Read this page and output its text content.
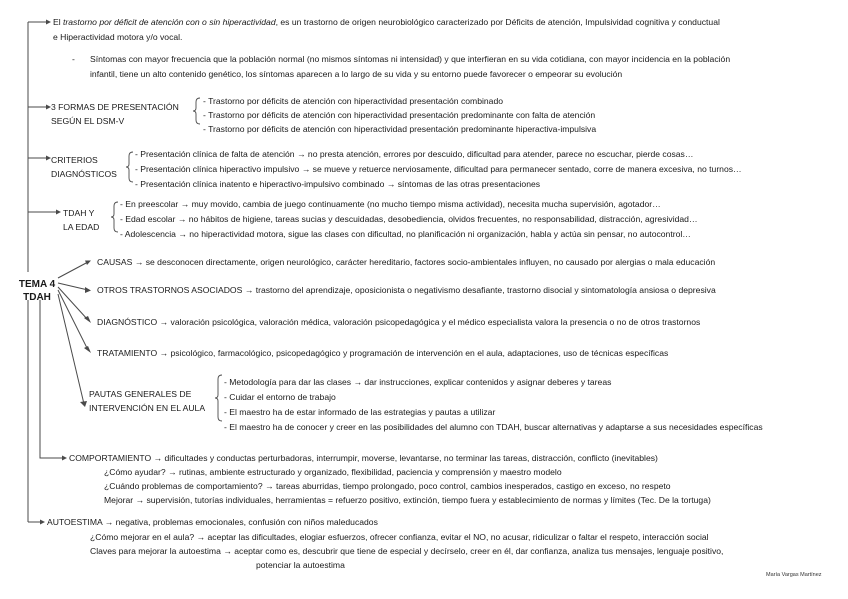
El trastorno por déficit de atención con o sin hiperactividad, es un trastorno de origen neurobiológico caracterizado por Déficits de atención, Impulsividad cognitiva y conductual
e Hiperactividad motora y/o vocal.
- Síntomas con mayor frecuencia que la población normal (no mismos síntomas ni intensidad) y que interfieran en su vida cotidiana, con mayor incidencia en la población
infantil, tiene un alto contenido genético, los síntomas aparecen a lo largo de su vida y su entorno puede favorecer o empeorar su evolución
3 FORMAS DE PRESENTACIÓN
SEGÚN EL DSM-V
- Trastorno por déficits de atención con hiperactividad presentación combinado
- Trastorno por déficits de atención con hiperactividad presentación predominante con falta de atención
- Trastorno por déficits de atención con hiperactividad presentación predominante hiperactiva-impulsiva
CRITERIOS
DIAGNÓSTICOS
- Presentación clínica de falta de atención → no presta atención, errores por descuido, dificultad para atender, parece no escuchar, pierde cosas…
- Presentación clínica hiperactivo impulsivo → se mueve y retuerce nerviosamente, dificultad para permanecer sentado, corre de manera excesiva, no turnos…
- Presentación clínica inatento e hiperactivo-impulsivo combinado → síntomas de las otras presentaciones
TDAH Y
LA EDAD
- En preescolar → muy movido, cambia de juego continuamente (no mucho tiempo misma actividad), necesita mucha supervisión, agotador…
- Edad escolar → no hábitos de higiene, tareas sucias y descuidadas, desobediencia, olvidos frecuentes, no responsabilidad, distracción, agresividad…
- Adolescencia → no hiperactividad motora, sigue las clases con dificultad, no planificación ni organización, habla y actúa sin pensar, no autocontrol…
TEMA 4
TDAH
CAUSAS → se desconocen directamente, origen neurológico, carácter hereditario, factores socio-ambientales influyen, no causado por alergias o mala educación
OTROS TRASTORNOS ASOCIADOS → trastorno del aprendizaje, oposicionista o negativismo desafiante, trastorno disocial y sintomatología ansiosa o depresiva
DIAGNÓSTICO → valoración psicológica, valoración médica, valoración psicopedagógica y el médico especialista valora la presencia o no de otros trastornos
TRATAMIENTO → psicológico, farmacológico, psicopedagógico y programación de intervención en el aula, adaptaciones, uso de técnicas específicas
PAUTAS GENERALES DE
INTERVENCIÓN EN EL AULA
- Metodología para dar las clases → dar instrucciones, explicar contenidos y asignar deberes y tareas
- Cuidar el entorno de trabajo
- El maestro ha de estar informado de las estrategias y pautas a utilizar
- El maestro ha de conocer y creer en las posibilidades del alumno con TDAH, buscar alternativas y adaptarse a sus necesidades específicas
COMPORTAMIENTO → dificultades y conductas perturbadoras, interrumpir, moverse, levantarse, no terminar las tareas, distracción, conflicto (inevitables)
¿Cómo ayudar? → rutinas, ambiente estructurado y organizado, flexibilidad, paciencia y comprensión y maestro modelo
¿Cuándo problemas de comportamiento? → tareas aburridas, tiempo prolongado, poco control, cambios inesperados, castigo en exceso, no respeto
Mejorar → supervisión, tutorías individuales, herramientas = refuerzo positivo, extinción, tiempo fuera y establecimiento de normas y límites (Tec. De la tortuga)
AUTOESTIMA → negativa, problemas emocionales, confusión con niños maleducados
¿Cómo mejorar en el aula? → aceptar las dificultades, elogiar esfuerzos, ofrecer confianza, evitar el NO, no acusar, ridiculizar o faltar el respeto, interacción social
Claves para mejorar la autoestima → aceptar como es, descubrir que tiene de especial y decírselo, creer en él, dar confianza, analiza tus mensajes, lenguaje positivo,
potenciar la autoestima
María Vargas Martínez
